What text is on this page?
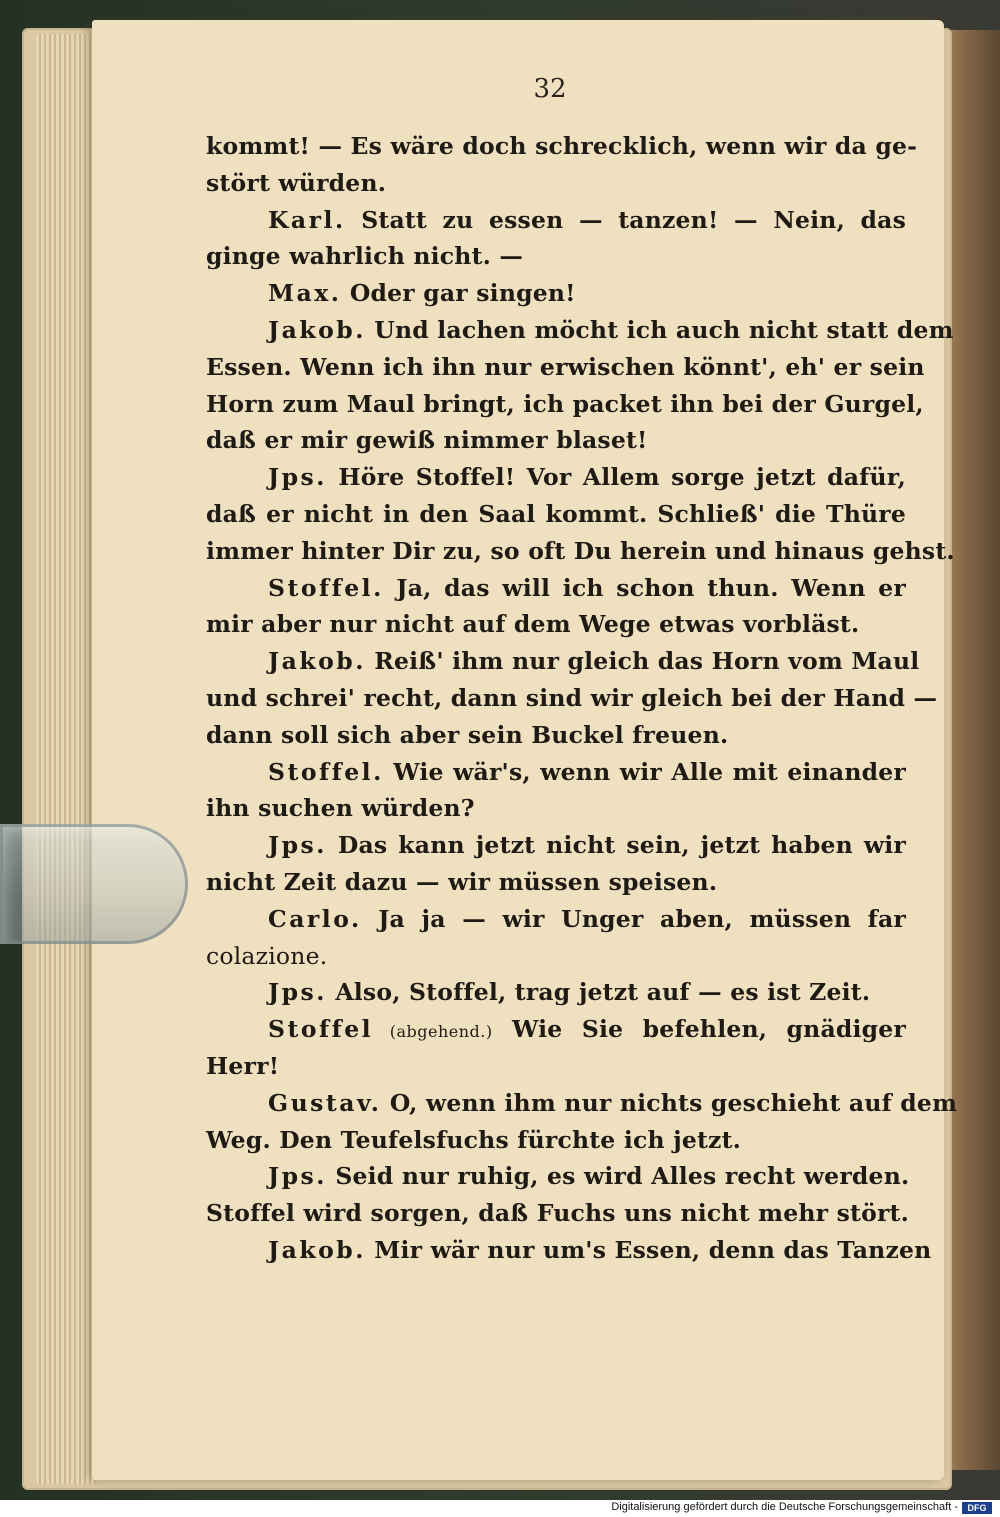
32
kommt! — Es wäre doch schrecklich, wenn wir da ge-
stört würden.
Karl. Statt zu essen — tanzen! — Nein, das
ginge wahrlich nicht. —
Max. Oder gar singen!
Jakob. Und lachen möcht ich auch nicht statt dem
Essen. Wenn ich ihn nur erwischen könnt', eh' er sein
Horn zum Maul bringt, ich packet ihn bei der Gurgel,
daß er mir gewiß nimmer blaset!
Jps. Höre Stoffel! Vor Allem sorge jetzt dafür,
daß er nicht in den Saal kommt. Schließ' die Thüre
immer hinter Dir zu, so oft Du herein und hinaus gehst.
Stoffel. Ja, das will ich schon thun. Wenn er
mir aber nur nicht auf dem Wege etwas vorbläst.
Jakob. Reiß' ihm nur gleich das Horn vom Maul
und schrei' recht, dann sind wir gleich bei der Hand —
dann soll sich aber sein Buckel freuen.
Stoffel. Wie wär's, wenn wir Alle mit einander
ihn suchen würden?
Jps. Das kann jetzt nicht sein, jetzt haben wir
nicht Zeit dazu — wir müssen speisen.
Carlo. Ja ja — wir Unger aben, müssen far
colazione.
Jps. Also, Stoffel, trag jetzt auf — es ist Zeit.
Stoffel (abgehend.) Wie Sie befehlen, gnädiger
Herr!
Gustav. O, wenn ihm nur nichts geschieht auf dem
Weg. Den Teufelsfuchs fürchte ich jetzt.
Jps. Seid nur ruhig, es wird Alles recht werden.
Stoffel wird sorgen, daß Fuchs uns nicht mehr stört.
Jakob. Mir wär nur um's Essen, denn das Tanzen
Digitalisierung gefördert durch die Deutsche Forschungsgemeinschaft -	DFG
